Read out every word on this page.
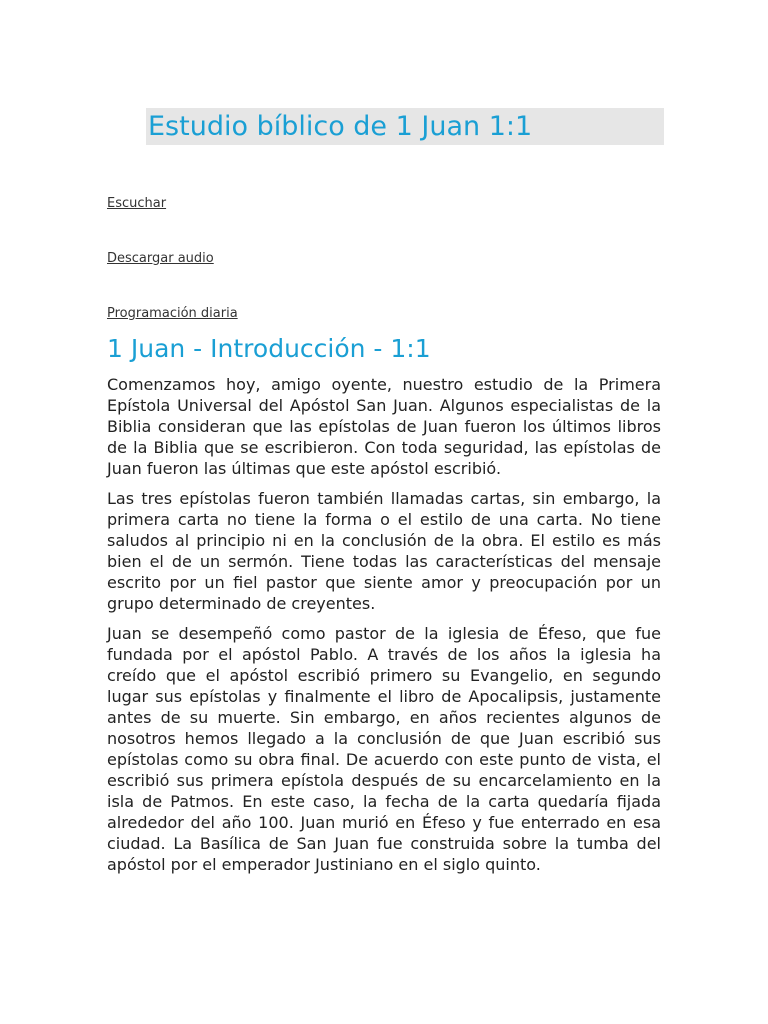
Estudio bíblico de 1 Juan 1:1
Escuchar
Descargar audio
Programación diaria
1 Juan - Introducción - 1:1

Comenzamos hoy, amigo oyente, nuestro estudio de la Primera Epístola Universal del Apóstol San Juan. Algunos especialistas de la Biblia consideran que las epístolas de Juan fueron los últimos libros de la Biblia que se escribieron. Con toda seguridad, las epístolas de Juan fueron las últimas que este apóstol escribió.

Las tres epístolas fueron también llamadas cartas, sin embargo, la primera carta no tiene la forma o el estilo de una carta. No tiene saludos al principio ni en la conclusión de la obra. El estilo es más bien el de un sermón. Tiene todas las características del mensaje escrito por un fiel pastor que siente amor y preocupación por un grupo determinado de creyentes.

Juan se desempeñó como pastor de la iglesia de Éfeso, que fue fundada por el apóstol Pablo. A través de los años la iglesia ha creído que el apóstol escribió primero su Evangelio, en segundo lugar sus epístolas y finalmente el libro de Apocalipsis, justamente antes de su muerte. Sin embargo, en años recientes algunos de nosotros hemos llegado a la conclusión de que Juan escribió sus epístolas como su obra final. De acuerdo con este punto de vista, el escribió sus primera epístola después de su encarcelamiento en la isla de Patmos. En este caso, la fecha de la carta quedaría fijada alrededor del año 100. Juan murió en Éfeso y fue enterrado en esa ciudad. La Basílica de San Juan fue construida sobre la tumba del apóstol por el emperador Justiniano en el siglo quinto.
